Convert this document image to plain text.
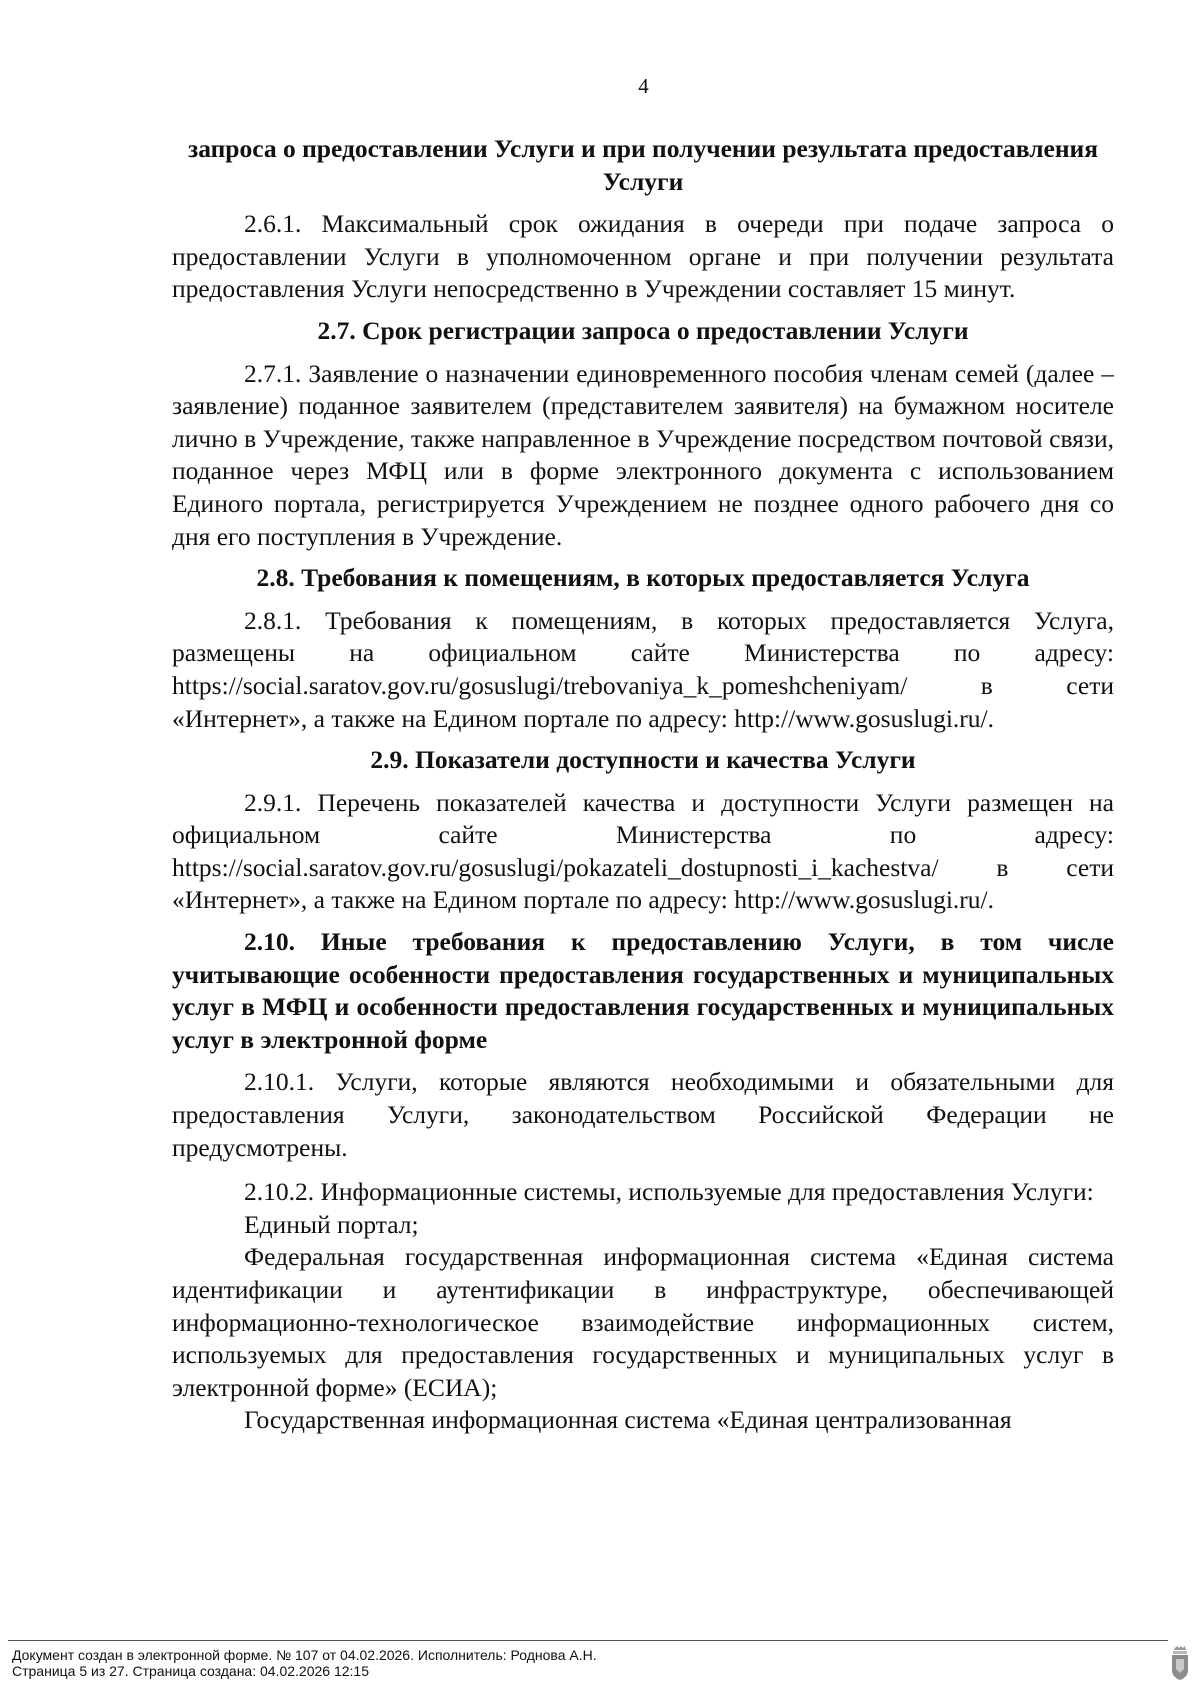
4

запроса о предоставлении Услуги и при получении результата предоставления Услуги

2.6.1. Максимальный срок ожидания в очереди при подаче запроса о предоставлении Услуги в уполномоченном органе и при получении результата предоставления Услуги непосредственно в Учреждении составляет 15 минут.

2.7. Срок регистрации запроса о предоставлении Услуги

2.7.1. Заявление о назначении единовременного пособия членам семей (далее – заявление) поданное заявителем (представителем заявителя) на бумажном носителе лично в Учреждение, также направленное в Учреждение посредством почтовой связи, поданное через МФЦ или в форме электронного документа с использованием Единого портала, регистрируется Учреждением не позднее одного рабочего дня со дня его поступления в Учреждение.

2.8. Требования к помещениям, в которых предоставляется Услуга

2.8.1. Требования к помещениям, в которых предоставляется Услуга, размещены на официальном сайте Министерства по адресу: https://social.saratov.gov.ru/gosuslugi/trebovaniya_k_pomeshcheniyam/ в сети «Интернет», а также на Едином портале по адресу: http://www.gosuslugi.ru/.

2.9. Показатели доступности и качества Услуги

2.9.1. Перечень показателей качества и доступности Услуги размещен на официальном сайте Министерства по адресу: https://social.saratov.gov.ru/gosuslugi/pokazateli_dostupnosti_i_kachestva/ в сети «Интернет», а также на Едином портале по адресу: http://www.gosuslugi.ru/.

2.10. Иные требования к предоставлению Услуги, в том числе учитывающие особенности предоставления государственных и муниципальных услуг в МФЦ и особенности предоставления государственных и муниципальных услуг в электронной форме

2.10.1. Услуги, которые являются необходимыми и обязательными для предоставления Услуги, законодательством Российской Федерации не предусмотрены.

2.10.2. Информационные системы, используемые для предоставления Услуги:

Единый портал;

Федеральная государственная информационная система «Единая система идентификации и аутентификации в инфраструктуре, обеспечивающей информационно-технологическое взаимодействие информационных систем, используемых для предоставления государственных и муниципальных услуг в электронной форме» (ЕСИА);

Государственная информационная система «Единая централизованная

Документ создан в электронной форме. № 107 от 04.02.2026. Исполнитель: Роднова А.Н.
Страница 5 из 27. Страница создана: 04.02.2026 12:15
